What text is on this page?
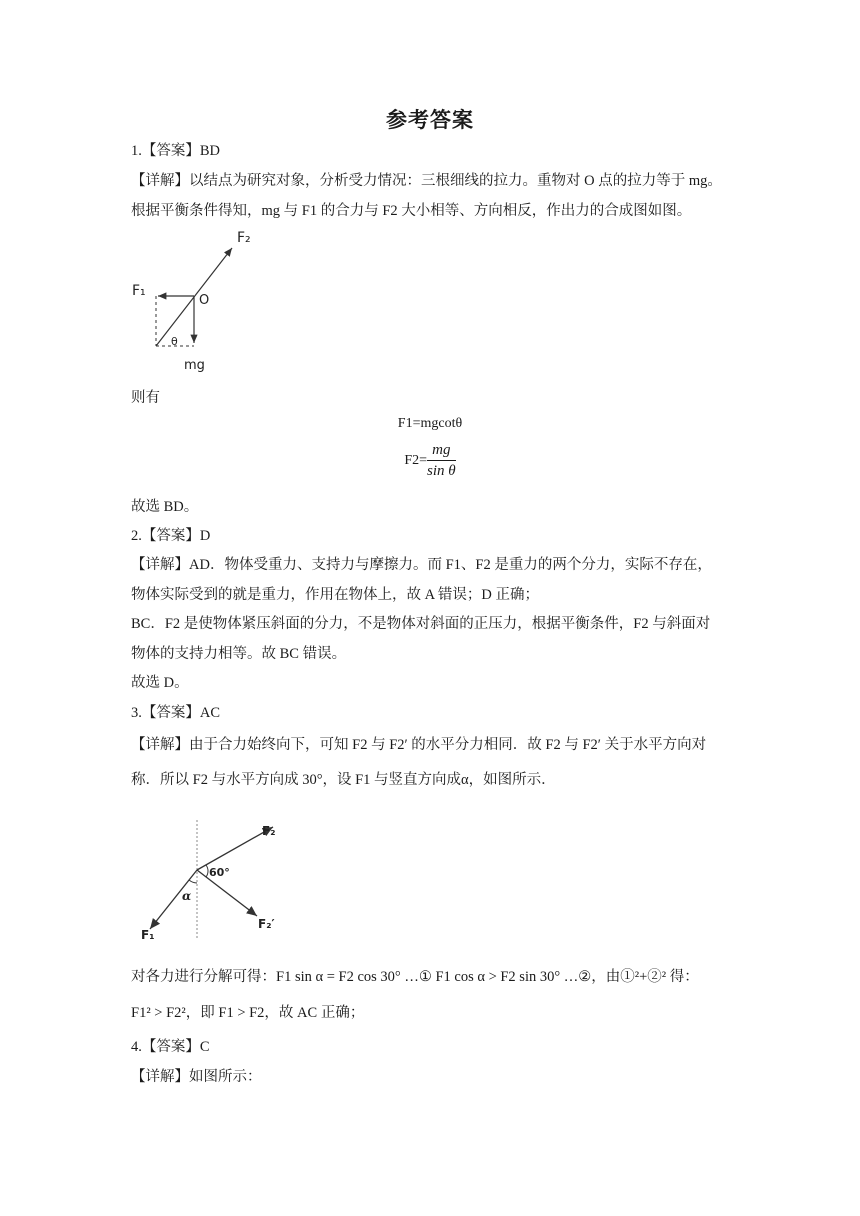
参考答案
1.【答案】BD
【详解】以结点为研究对象，分析受力情况：三根细线的拉力。重物对 O 点的拉力等于 mg。
根据平衡条件得知，mg 与 F1 的合力与 F2 大小相等、方向相反，作出力的合成图如图。
F₂
F₁
O
θ
mg
则有
F1=mgcotθ
$F2= \frac{mg}{\text{sin θ}}$
故选 BD。
2.【答案】D
【详解】AD．物体受重力、支持力与摩擦力。而 F1、F2 是重力的两个分力，实际不存在，
物体实际受到的就是重力，作用在物体上，故 A 错误；D 正确；
BC．F2 是使物体紧压斜面的分力，不是物体对斜面的正压力，根据平衡条件，F2 与斜面对
物体的支持力相等。故 BC 错误。
故选 D。
3.【答案】AC
【详解】由于合力始终向下，可知 F2 与 F2′ 的水平分力相同．故 F2 与 F2′ 关于水平方向对
称．所以 F2 与水平方向成 30°，设 F1 与竖直方向成α，如图所示．
F₂
60°
α
F₁
F₂′
对各力进行分解可得：F1 sin α = F2 cos 30° …① F1 cos α > F2 sin 30° …②，由①²+②² 得：
F1² > F2²，即 F1 > F2，故 AC 正确；
4.【答案】C
【详解】如图所示：
